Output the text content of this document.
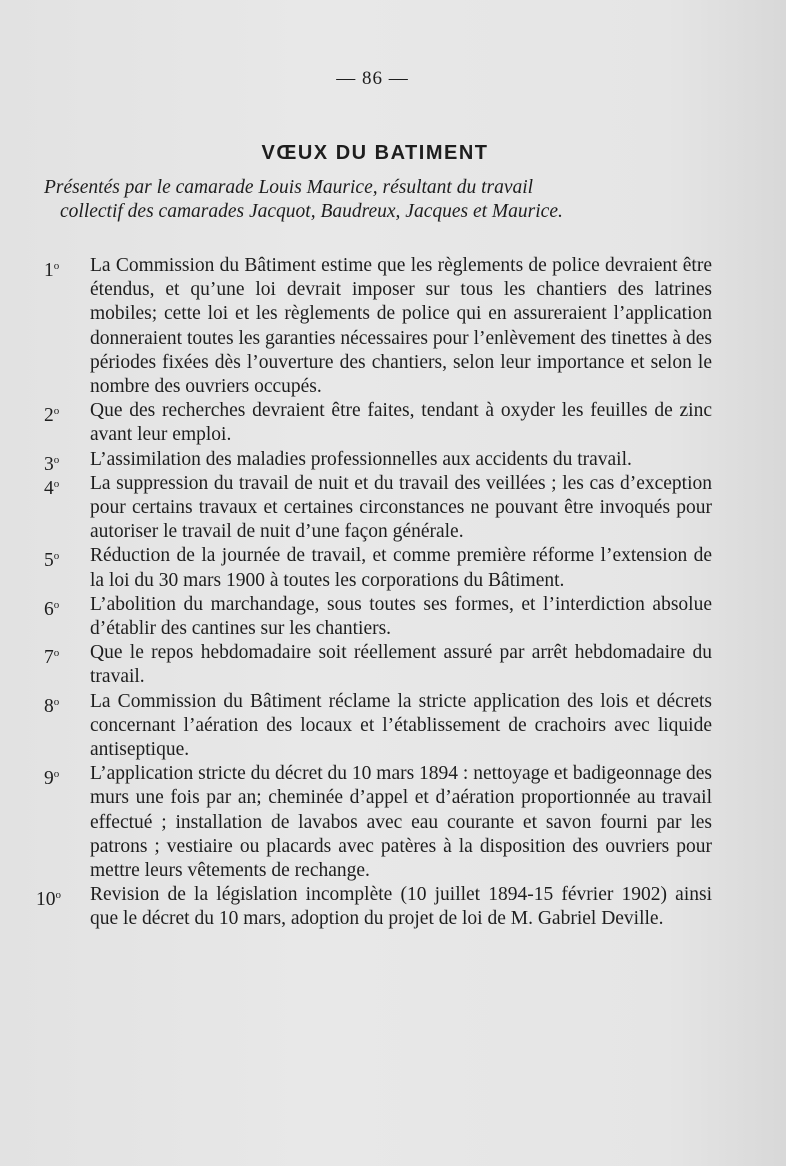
— 86 —
VŒUX DU BATIMENT
Présentés par le camarade Louis Maurice, résultant du travail
collectif des camarades Jacquot, Baudreux, Jacques et Maurice.
1$^o$	La Commission du Bâtiment estime que les règlements de police devraient être étendus, et qu’une loi devrait imposer sur tous les chantiers des latrines mobiles; cette loi et les règlements de police qui en assureraient l’application donneraient toutes les garanties nécessaires pour l’enlèvement des tinettes à des périodes fixées dès l’ouverture des chantiers, selon leur importance et selon le nombre des ouvriers occupés.
2$^o$	Que des recherches devraient être faites, tendant à oxyder les feuilles de zinc avant leur emploi.
3$^o$	L’assimilation des maladies professionnelles aux accidents du travail.
4$^o$	La suppression du travail de nuit et du travail des veillées ; les cas d’exception pour certains travaux et certaines circonstances ne pouvant être invoqués pour autoriser le travail de nuit d’une façon générale.
5$^o$	Réduction de la journée de travail, et comme première réforme l’extension de la loi du 30 mars 1900 à toutes les corporations du Bâtiment.
6$^o$	L’abolition du marchandage, sous toutes ses formes, et l’interdiction absolue d’établir des cantines sur les chantiers.
7$^o$	Que le repos hebdomadaire soit réellement assuré par arrêt hebdomadaire du travail.
8$^o$	La Commission du Bâtiment réclame la stricte application des lois et décrets concernant l’aération des locaux et l’établissement de crachoirs avec liquide antiseptique.
9$^o$	L’application stricte du décret du 10 mars 1894 : nettoyage et badigeonnage des murs une fois par an; cheminée d’appel et d’aération proportionnée au travail effectué ; installation de lavabos avec eau courante et savon fourni par les patrons ; vestiaire ou placards avec patères à la disposition des ouvriers pour mettre leurs vêtements de rechange.
10$^o$	Revision de la législation incomplète (10 juillet 1894-15 février 1902) ainsi que le décret du 10 mars, adoption du projet de loi de M. Gabriel Deville.
